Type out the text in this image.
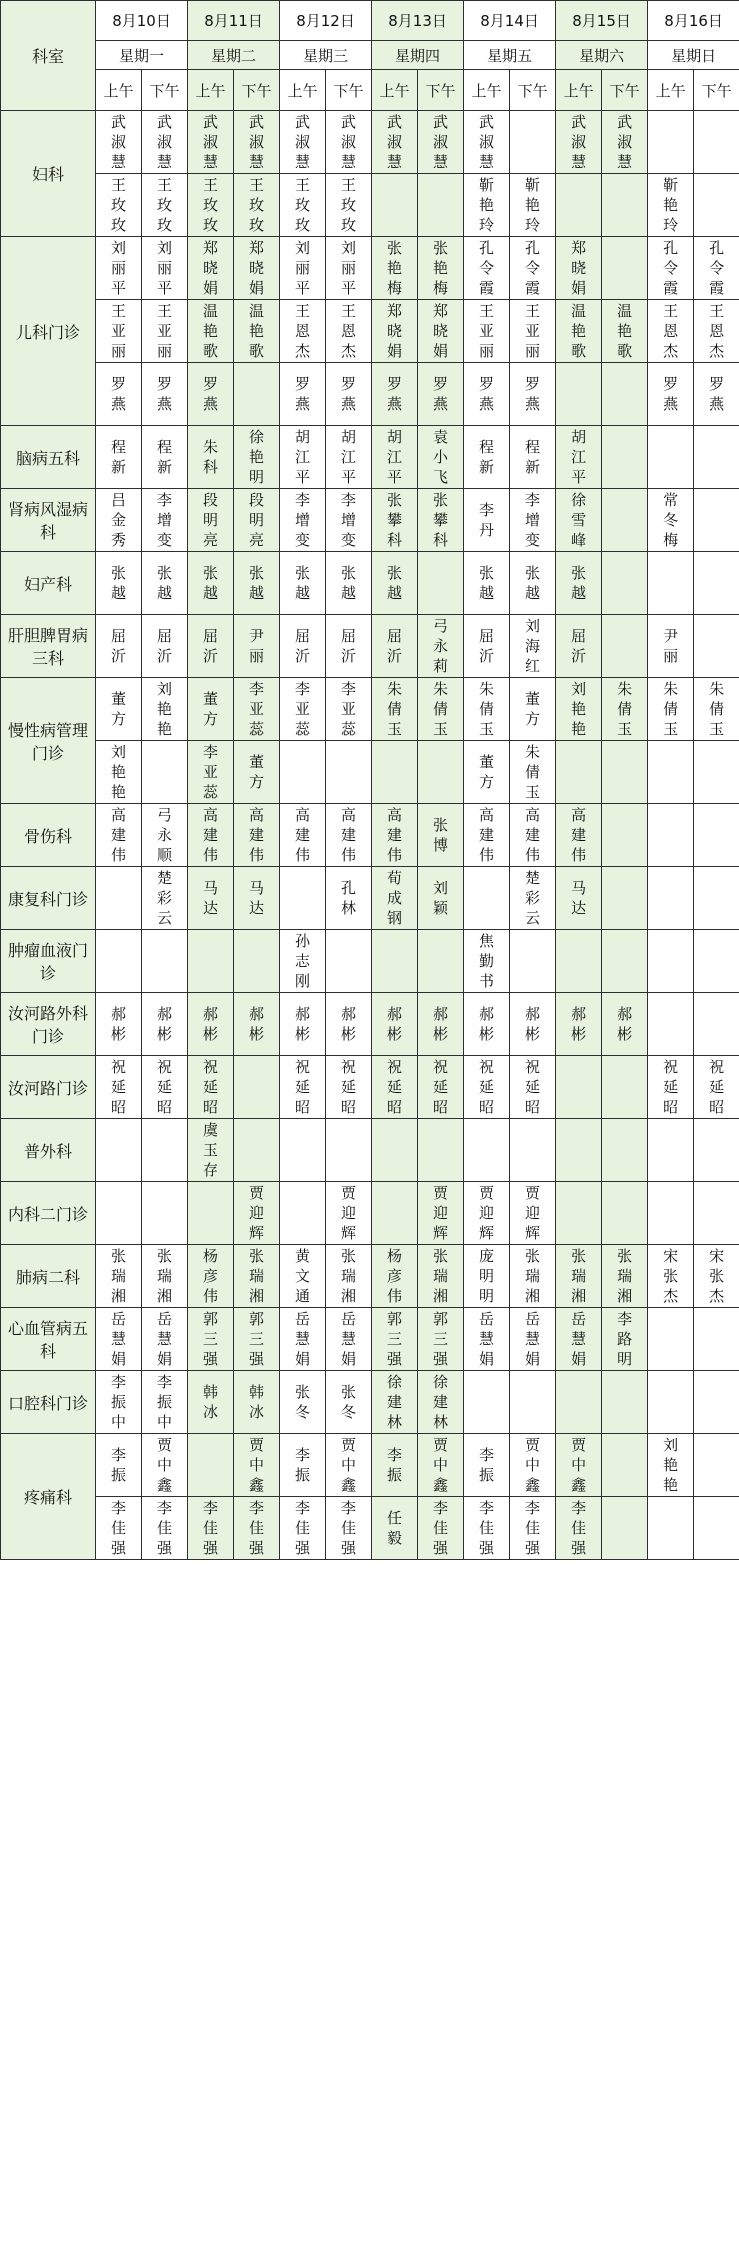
科室	8月10日		8月11日		8月12日		8月13日		8月14日		8月15日		8月16日	
	星期一		星期二		星期三		星期四		星期五		星期六		星期日	
	上午	下午	上午	下午	上午	下午	上午	下午	上午	下午	上午	下午	上午	下午
妇科	武淑慧	武淑慧	武淑慧	武淑慧	武淑慧	武淑慧	武淑慧	武淑慧	武淑慧		武淑慧	武淑慧		
	王玫玫	王玫玫	王玫玫	王玫玫	王玫玫	王玫玫			靳艳玲	靳艳玲			靳艳玲	
儿科门诊	刘丽平	刘丽平	郑晓娟	郑晓娟	刘丽平	刘丽平	张艳梅	张艳梅	孔令霞	孔令霞	郑晓娟		孔令霞	孔令霞
	王亚丽	王亚丽	温艳歌	温艳歌	王恩杰	王恩杰	郑晓娟	郑晓娟	王亚丽	王亚丽	温艳歌	温艳歌	王恩杰	王恩杰
	罗燕	罗燕	罗燕		罗燕	罗燕	罗燕	罗燕	罗燕	罗燕			罗燕	罗燕
脑病五科	程新	程新	朱科	徐艳明	胡江平	胡江平	胡江平	袁小飞	程新	程新	胡江平			
肾病风湿病科	吕金秀	李增变	段明亮	段明亮	李增变	李增变	张攀科	张攀科	李丹	李增变	徐雪峰		常冬梅	
妇产科	张越	张越	张越	张越	张越	张越	张越		张越	张越	张越			
肝胆脾胃病三科	屈沂	屈沂	屈沂	尹丽	屈沂	屈沂	屈沂	弓永莉	屈沂	刘海红	屈沂		尹丽	
慢性病管理门诊	董方	刘艳艳	董方	李亚蕊	李亚蕊	李亚蕊	朱倩玉	朱倩玉	朱倩玉	董方	刘艳艳	朱倩玉	朱倩玉	朱倩玉
	刘艳艳		李亚蕊	董方					董方	朱倩玉				
骨伤科	高建伟	弓永顺	高建伟	高建伟	高建伟	高建伟	高建伟	张博	高建伟	高建伟	高建伟			
康复科门诊		楚彩云	马达	马达		孔林	荀成钢	刘颖		楚彩云	马达			
肿瘤血液门诊					孙志刚				焦勤书					
汝河路外科门诊	郝彬	郝彬	郝彬	郝彬	郝彬	郝彬	郝彬	郝彬	郝彬	郝彬	郝彬	郝彬		
汝河路门诊	祝延昭	祝延昭	祝延昭		祝延昭	祝延昭	祝延昭	祝延昭	祝延昭	祝延昭			祝延昭	祝延昭
普外科			虞玉存											
内科二门诊				贾迎辉		贾迎辉		贾迎辉	贾迎辉	贾迎辉				
肺病二科	张瑞湘	张瑞湘	杨彦伟	张瑞湘	黄文通	张瑞湘	杨彦伟	张瑞湘	庞明明	张瑞湘	张瑞湘	张瑞湘	宋张杰	宋张杰
心血管病五科	岳慧娟	岳慧娟	郭三强	郭三强	岳慧娟	岳慧娟	郭三强	郭三强	岳慧娟	岳慧娟	岳慧娟	李路明		
口腔科门诊	李振中	李振中	韩冰	韩冰	张冬	张冬	徐建林	徐建林						
疼痛科	李振	贾中鑫		贾中鑫	李振	贾中鑫	李振	贾中鑫	李振	贾中鑫	贾中鑫		刘艳艳	
	李佳强	李佳强	李佳强	李佳强	李佳强	李佳强	任毅	李佳强	李佳强	李佳强	李佳强			
